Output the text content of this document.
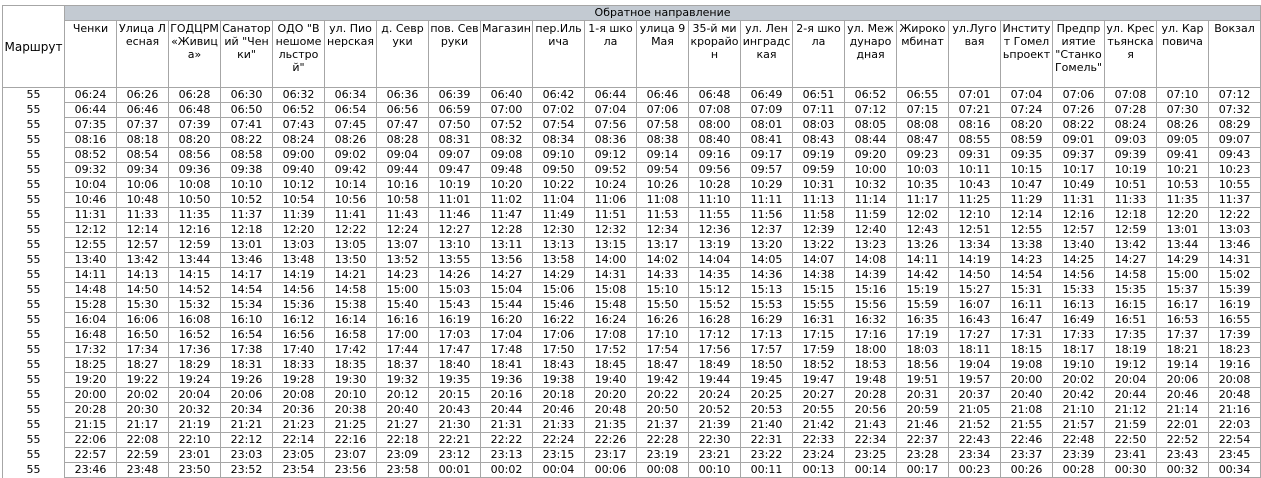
Маршрут	Обратное направление																						
	Ченки	Улица Лесная	ГОДЦРМ «Живица»	Санаторий "Ченки"	ОДО "Внешомельстрой"	ул. Пионерская	д. Севруки	пов. Севруки	Магазин	пер.Ильича	1-я школа	улица 9 Мая	35-й микрорайон	ул. Ленинградская	2-я школа	ул. Международная	Жирокомбинат	ул.Луговая	Институт Гомельпроект	Предприятие "Станко Гомель"	ул. Крестьянская	ул. Карповича	Вокзал
55	06:24	06:26	06:28	06:30	06:32	06:34	06:36	06:39	06:40	06:42	06:44	06:46	06:48	06:49	06:51	06:52	06:55	07:01	07:04	07:06	07:08	07:10	07:12
55	06:44	06:46	06:48	06:50	06:52	06:54	06:56	06:59	07:00	07:02	07:04	07:06	07:08	07:09	07:11	07:12	07:15	07:21	07:24	07:26	07:28	07:30	07:32
55	07:35	07:37	07:39	07:41	07:43	07:45	07:47	07:50	07:52	07:54	07:56	07:58	08:00	08:01	08:03	08:05	08:08	08:16	08:20	08:22	08:24	08:26	08:29
55	08:16	08:18	08:20	08:22	08:24	08:26	08:28	08:31	08:32	08:34	08:36	08:38	08:40	08:41	08:43	08:44	08:47	08:55	08:59	09:01	09:03	09:05	09:07
55	08:52	08:54	08:56	08:58	09:00	09:02	09:04	09:07	09:08	09:10	09:12	09:14	09:16	09:17	09:19	09:20	09:23	09:31	09:35	09:37	09:39	09:41	09:43
55	09:32	09:34	09:36	09:38	09:40	09:42	09:44	09:47	09:48	09:50	09:52	09:54	09:56	09:57	09:59	10:00	10:03	10:11	10:15	10:17	10:19	10:21	10:23
55	10:04	10:06	10:08	10:10	10:12	10:14	10:16	10:19	10:20	10:22	10:24	10:26	10:28	10:29	10:31	10:32	10:35	10:43	10:47	10:49	10:51	10:53	10:55
55	10:46	10:48	10:50	10:52	10:54	10:56	10:58	11:01	11:02	11:04	11:06	11:08	11:10	11:11	11:13	11:14	11:17	11:25	11:29	11:31	11:33	11:35	11:37
55	11:31	11:33	11:35	11:37	11:39	11:41	11:43	11:46	11:47	11:49	11:51	11:53	11:55	11:56	11:58	11:59	12:02	12:10	12:14	12:16	12:18	12:20	12:22
55	12:12	12:14	12:16	12:18	12:20	12:22	12:24	12:27	12:28	12:30	12:32	12:34	12:36	12:37	12:39	12:40	12:43	12:51	12:55	12:57	12:59	13:01	13:03
55	12:55	12:57	12:59	13:01	13:03	13:05	13:07	13:10	13:11	13:13	13:15	13:17	13:19	13:20	13:22	13:23	13:26	13:34	13:38	13:40	13:42	13:44	13:46
55	13:40	13:42	13:44	13:46	13:48	13:50	13:52	13:55	13:56	13:58	14:00	14:02	14:04	14:05	14:07	14:08	14:11	14:19	14:23	14:25	14:27	14:29	14:31
55	14:11	14:13	14:15	14:17	14:19	14:21	14:23	14:26	14:27	14:29	14:31	14:33	14:35	14:36	14:38	14:39	14:42	14:50	14:54	14:56	14:58	15:00	15:02
55	14:48	14:50	14:52	14:54	14:56	14:58	15:00	15:03	15:04	15:06	15:08	15:10	15:12	15:13	15:15	15:16	15:19	15:27	15:31	15:33	15:35	15:37	15:39
55	15:28	15:30	15:32	15:34	15:36	15:38	15:40	15:43	15:44	15:46	15:48	15:50	15:52	15:53	15:55	15:56	15:59	16:07	16:11	16:13	16:15	16:17	16:19
55	16:04	16:06	16:08	16:10	16:12	16:14	16:16	16:19	16:20	16:22	16:24	16:26	16:28	16:29	16:31	16:32	16:35	16:43	16:47	16:49	16:51	16:53	16:55
55	16:48	16:50	16:52	16:54	16:56	16:58	17:00	17:03	17:04	17:06	17:08	17:10	17:12	17:13	17:15	17:16	17:19	17:27	17:31	17:33	17:35	17:37	17:39
55	17:32	17:34	17:36	17:38	17:40	17:42	17:44	17:47	17:48	17:50	17:52	17:54	17:56	17:57	17:59	18:00	18:03	18:11	18:15	18:17	18:19	18:21	18:23
55	18:25	18:27	18:29	18:31	18:33	18:35	18:37	18:40	18:41	18:43	18:45	18:47	18:49	18:50	18:52	18:53	18:56	19:04	19:08	19:10	19:12	19:14	19:16
55	19:20	19:22	19:24	19:26	19:28	19:30	19:32	19:35	19:36	19:38	19:40	19:42	19:44	19:45	19:47	19:48	19:51	19:57	20:00	20:02	20:04	20:06	20:08
55	20:00	20:02	20:04	20:06	20:08	20:10	20:12	20:15	20:16	20:18	20:20	20:22	20:24	20:25	20:27	20:28	20:31	20:37	20:40	20:42	20:44	20:46	20:48
55	20:28	20:30	20:32	20:34	20:36	20:38	20:40	20:43	20:44	20:46	20:48	20:50	20:52	20:53	20:55	20:56	20:59	21:05	21:08	21:10	21:12	21:14	21:16
55	21:15	21:17	21:19	21:21	21:23	21:25	21:27	21:30	21:31	21:33	21:35	21:37	21:39	21:40	21:42	21:43	21:46	21:52	21:55	21:57	21:59	22:01	22:03
55	22:06	22:08	22:10	22:12	22:14	22:16	22:18	22:21	22:22	22:24	22:26	22:28	22:30	22:31	22:33	22:34	22:37	22:43	22:46	22:48	22:50	22:52	22:54
55	22:57	22:59	23:01	23:03	23:05	23:07	23:09	23:12	23:13	23:15	23:17	23:19	23:21	23:22	23:24	23:25	23:28	23:34	23:37	23:39	23:41	23:43	23:45
55	23:46	23:48	23:50	23:52	23:54	23:56	23:58	00:01	00:02	00:04	00:06	00:08	00:10	00:11	00:13	00:14	00:17	00:23	00:26	00:28	00:30	00:32	00:34
